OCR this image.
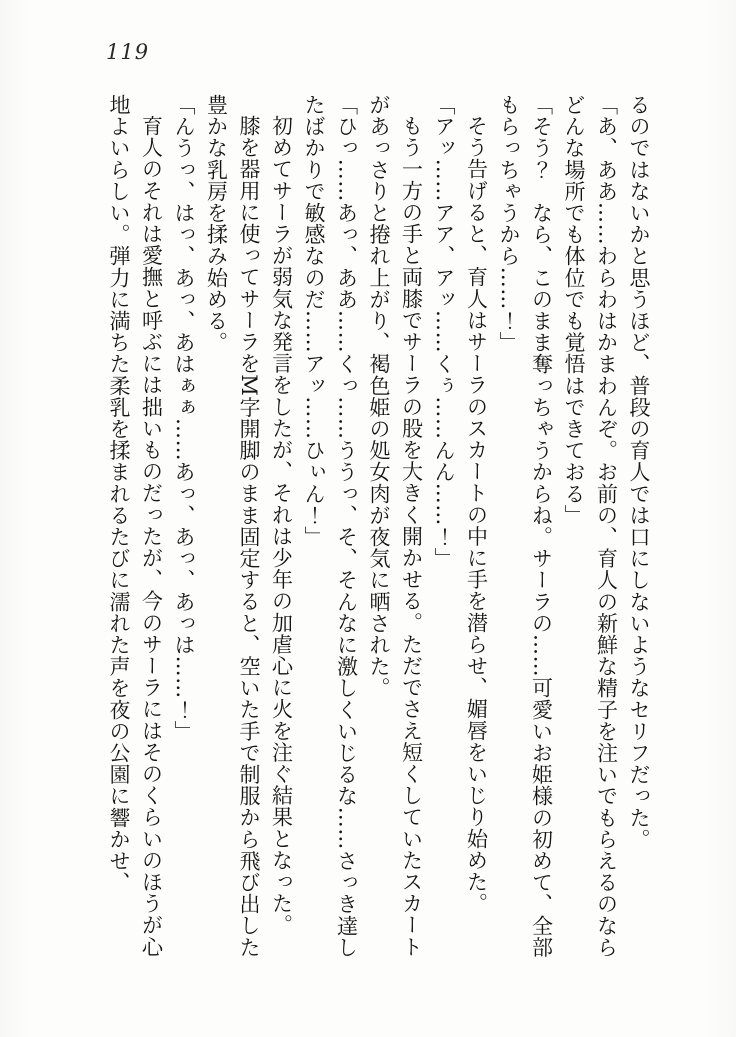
119

るのではないかと思うほど、普段の育人では口にしないようなセリフだった。

「あ、ああ……わらわはかまわんぞ。お前の、育人の新鮮な精子を注いでもらえるのならどんな場所でも体位でも覚悟はできておる」

「そう？　なら、このまま奪っちゃうからね。サーラの……可愛いお姫様の初めて、全部もらっちゃうから……！」

そう告げると、育人はサーラのスカートの中に手を潜らせ、媚唇をいじり始めた。

「アッ……アア、アッ……くぅ……んん……！」

もう一方の手と両膝でサーラの股を大きく開かせる。ただでさえ短くしていたスカートがあっさりと捲れ上がり、褐色姫の処女肉が夜気に晒された。

「ひっ……あっ、ああ……くっ……ううっ、そ、そんなに激しくいじるな……さっき達したばかりで敏感なのだ……アッ……ひぃん！」

初めてサーラが弱気な発言をしたが、それは少年の加虐心に火を注ぐ結果となった。

膝を器用に使ってサーラをM字開脚のまま固定すると、空いた手で制服から飛び出した豊かな乳房を揉み始める。

「んうっ、はっ、あっ、あはぁぁ……あっ、あっ、あっは……！」

育人のそれは愛撫と呼ぶには拙いものだったが、今のサーラにはそのくらいのほうが心地よいらしい。弾力に満ちた柔乳を揉まれるたびに濡れた声を夜の公園に響かせ、
